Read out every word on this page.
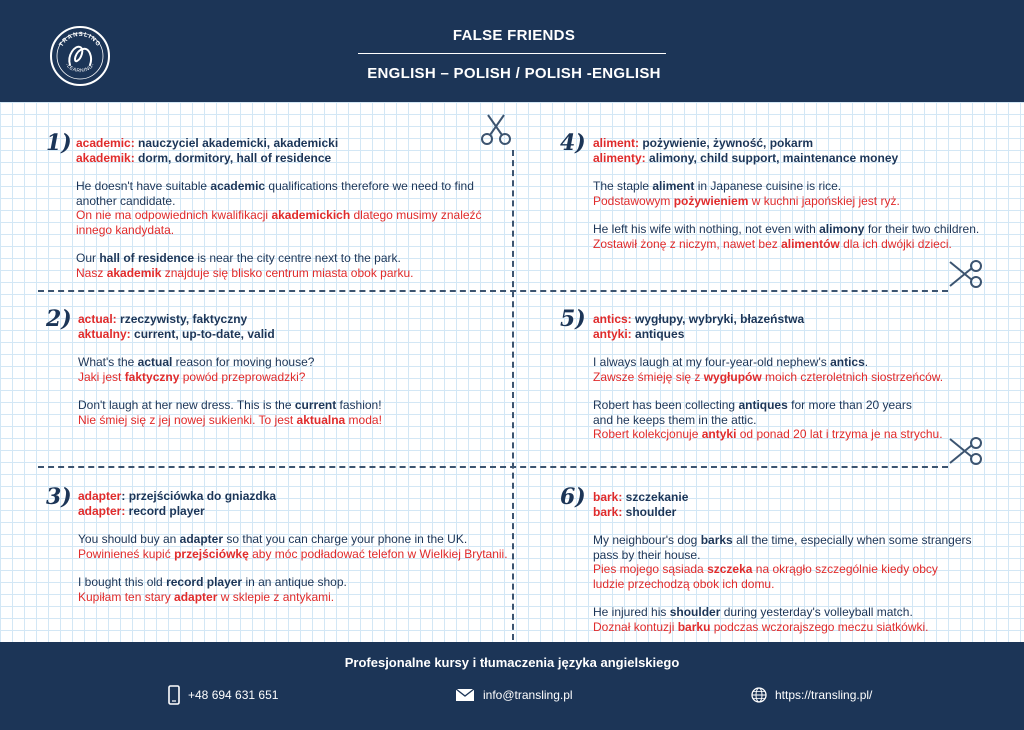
TRANSLING
-LEARNING-
FALSE FRIENDS
ENGLISH – POLISH / POLISH -ENGLISH
1) academic: nauczyciel akademicki, akademicki
akademik: dorm, dormitory, hall of residence
He doesn't have suitable academic qualifications therefore we need to find another candidate.
On nie ma odpowiednich kwalifikacji akademickich dlatego musimy znaleźć innego kandydata.
Our hall of residence is near the city centre next to the park.
Nasz akademik znajduje się blisko centrum miasta obok parku.
2) actual: rzeczywisty, faktyczny
aktualny: current, up-to-date, valid
What's the actual reason for moving house?
Jaki jest faktyczny powód przeprowadzki?
Don't laugh at her new dress. This is the current fashion!
Nie śmiej się z jej nowej sukienki. To jest aktualna moda!
3) adapter: przejściówka do gniazdka
adapter: record player
You should buy an adapter so that you can charge your phone in the UK.
Powinieneś kupić przejściówkę aby móc podładować telefon w Wielkiej Brytanii.
I bought this old record player in an antique shop.
Kupiłam ten stary adapter w sklepie z antykami.
4) aliment: pożywienie, żywność, pokarm
alimenty: alimony, child support, maintenance money
The staple aliment in Japanese cuisine is rice.
Podstawowym pożywieniem w kuchni japońskiej jest ryż.
He left his wife with nothing, not even with alimony for their two children.
Zostawił żonę z niczym, nawet bez alimentów dla ich dwójki dzieci.
5) antics: wygłupy, wybryki, błazeństwa
antyki: antiques
I always laugh at my four-year-old nephew's antics.
Zawsze śmieję się z wygłupów moich czteroletnich siostrzeńców.
Robert has been collecting antiques for more than 20 years and he keeps them in the attic.
Robert kolekcjonuje antyki od ponad 20 lat i trzyma je na strychu.
6) bark: szczekanie
bark: shoulder
My neighbour's dog barks all the time, especially when some strangers pass by their house.
Pies mojego sąsiada szczeka na okrągło szczególnie kiedy obcy ludzie przechodzą obok ich domu.
He injured his shoulder during yesterday's volleyball match.
Doznał kontuzji barku podczas wczorajszego meczu siatkówki.
Profesjonalne kursy i tłumaczenia języka angielskiego
+48 694 631 651	info@transling.pl	https://transling.pl/
